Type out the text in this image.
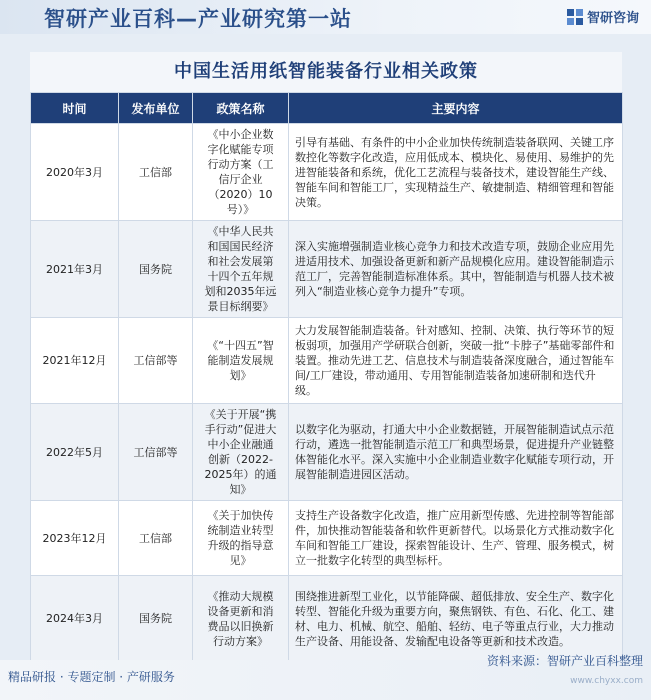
智研产业百科—产业研究第一站	智研咨询
中国生活用纸智能装备行业相关政策
时间	发布单位	政策名称	主要内容
2020年3月	工信部	《中小企业数字化赋能专项行动方案（工信厅企业（2020）10号）》	引导有基础、有条件的中小企业加快传统制造装备联网、关键工序数控化等数字化改造，应用低成本、模块化、易使用、易维护的先进智能装备和系统，优化工艺流程与装备技术，建设智能生产线、智能车间和智能工厂，实现精益生产、敏捷制造、精细管理和智能决策。
2021年3月	国务院	《中华人民共和国国民经济和社会发展第十四个五年规划和2035年远景目标纲要》	深入实施增强制造业核心竞争力和技术改造专项，鼓励企业应用先进适用技术、加强设备更新和新产品规模化应用。建设智能制造示范工厂，完善智能制造标准体系。其中，智能制造与机器人技术被列入“制造业核心竞争力提升”专项。
2021年12月	工信部等	《“十四五”智能制造发展规划》	大力发展智能制造装备。针对感知、控制、决策、执行等环节的短板弱项，加强用产学研联合创新，突破一批“卡脖子”基础零部件和装置。推动先进工艺、信息技术与制造装备深度融合，通过智能车间/工厂建设，带动通用、专用智能制造装备加速研制和迭代升级。
2022年5月	工信部等	《关于开展“携手行动”促进大中小企业融通创新（2022-2025年）的通知》	以数字化为驱动，打通大中小企业数据链，开展智能制造试点示范行动，遴选一批智能制造示范工厂和典型场景，促进提升产业链整体智能化水平。深入实施中小企业制造业数字化赋能专项行动，开展智能制造进园区活动。
2023年12月	工信部	《关于加快传统制造业转型升级的指导意见》	支持生产设备数字化改造，推广应用新型传感、先进控制等智能部件，加快推动智能装备和软件更新替代。以场景化方式推动数字化车间和智能工厂建设，探索智能设计、生产、管理、服务模式，树立一批数字化转型的典型标杆。
2024年3月	国务院	《推动大规模设备更新和消费品以旧换新行动方案》	围绕推进新型工业化，以节能降碳、超低排放、安全生产、数字化转型、智能化升级为重要方向，聚焦钢铁、有色、石化、化工、建材、电力、机械、航空、船舶、轻纺、电子等重点行业，大力推动生产设备、用能设备、发输配电设备等更新和技术改造。
精品研报 · 专题定制 · 产研服务
资料来源：智研产业百科整理
www.chyxx.com
